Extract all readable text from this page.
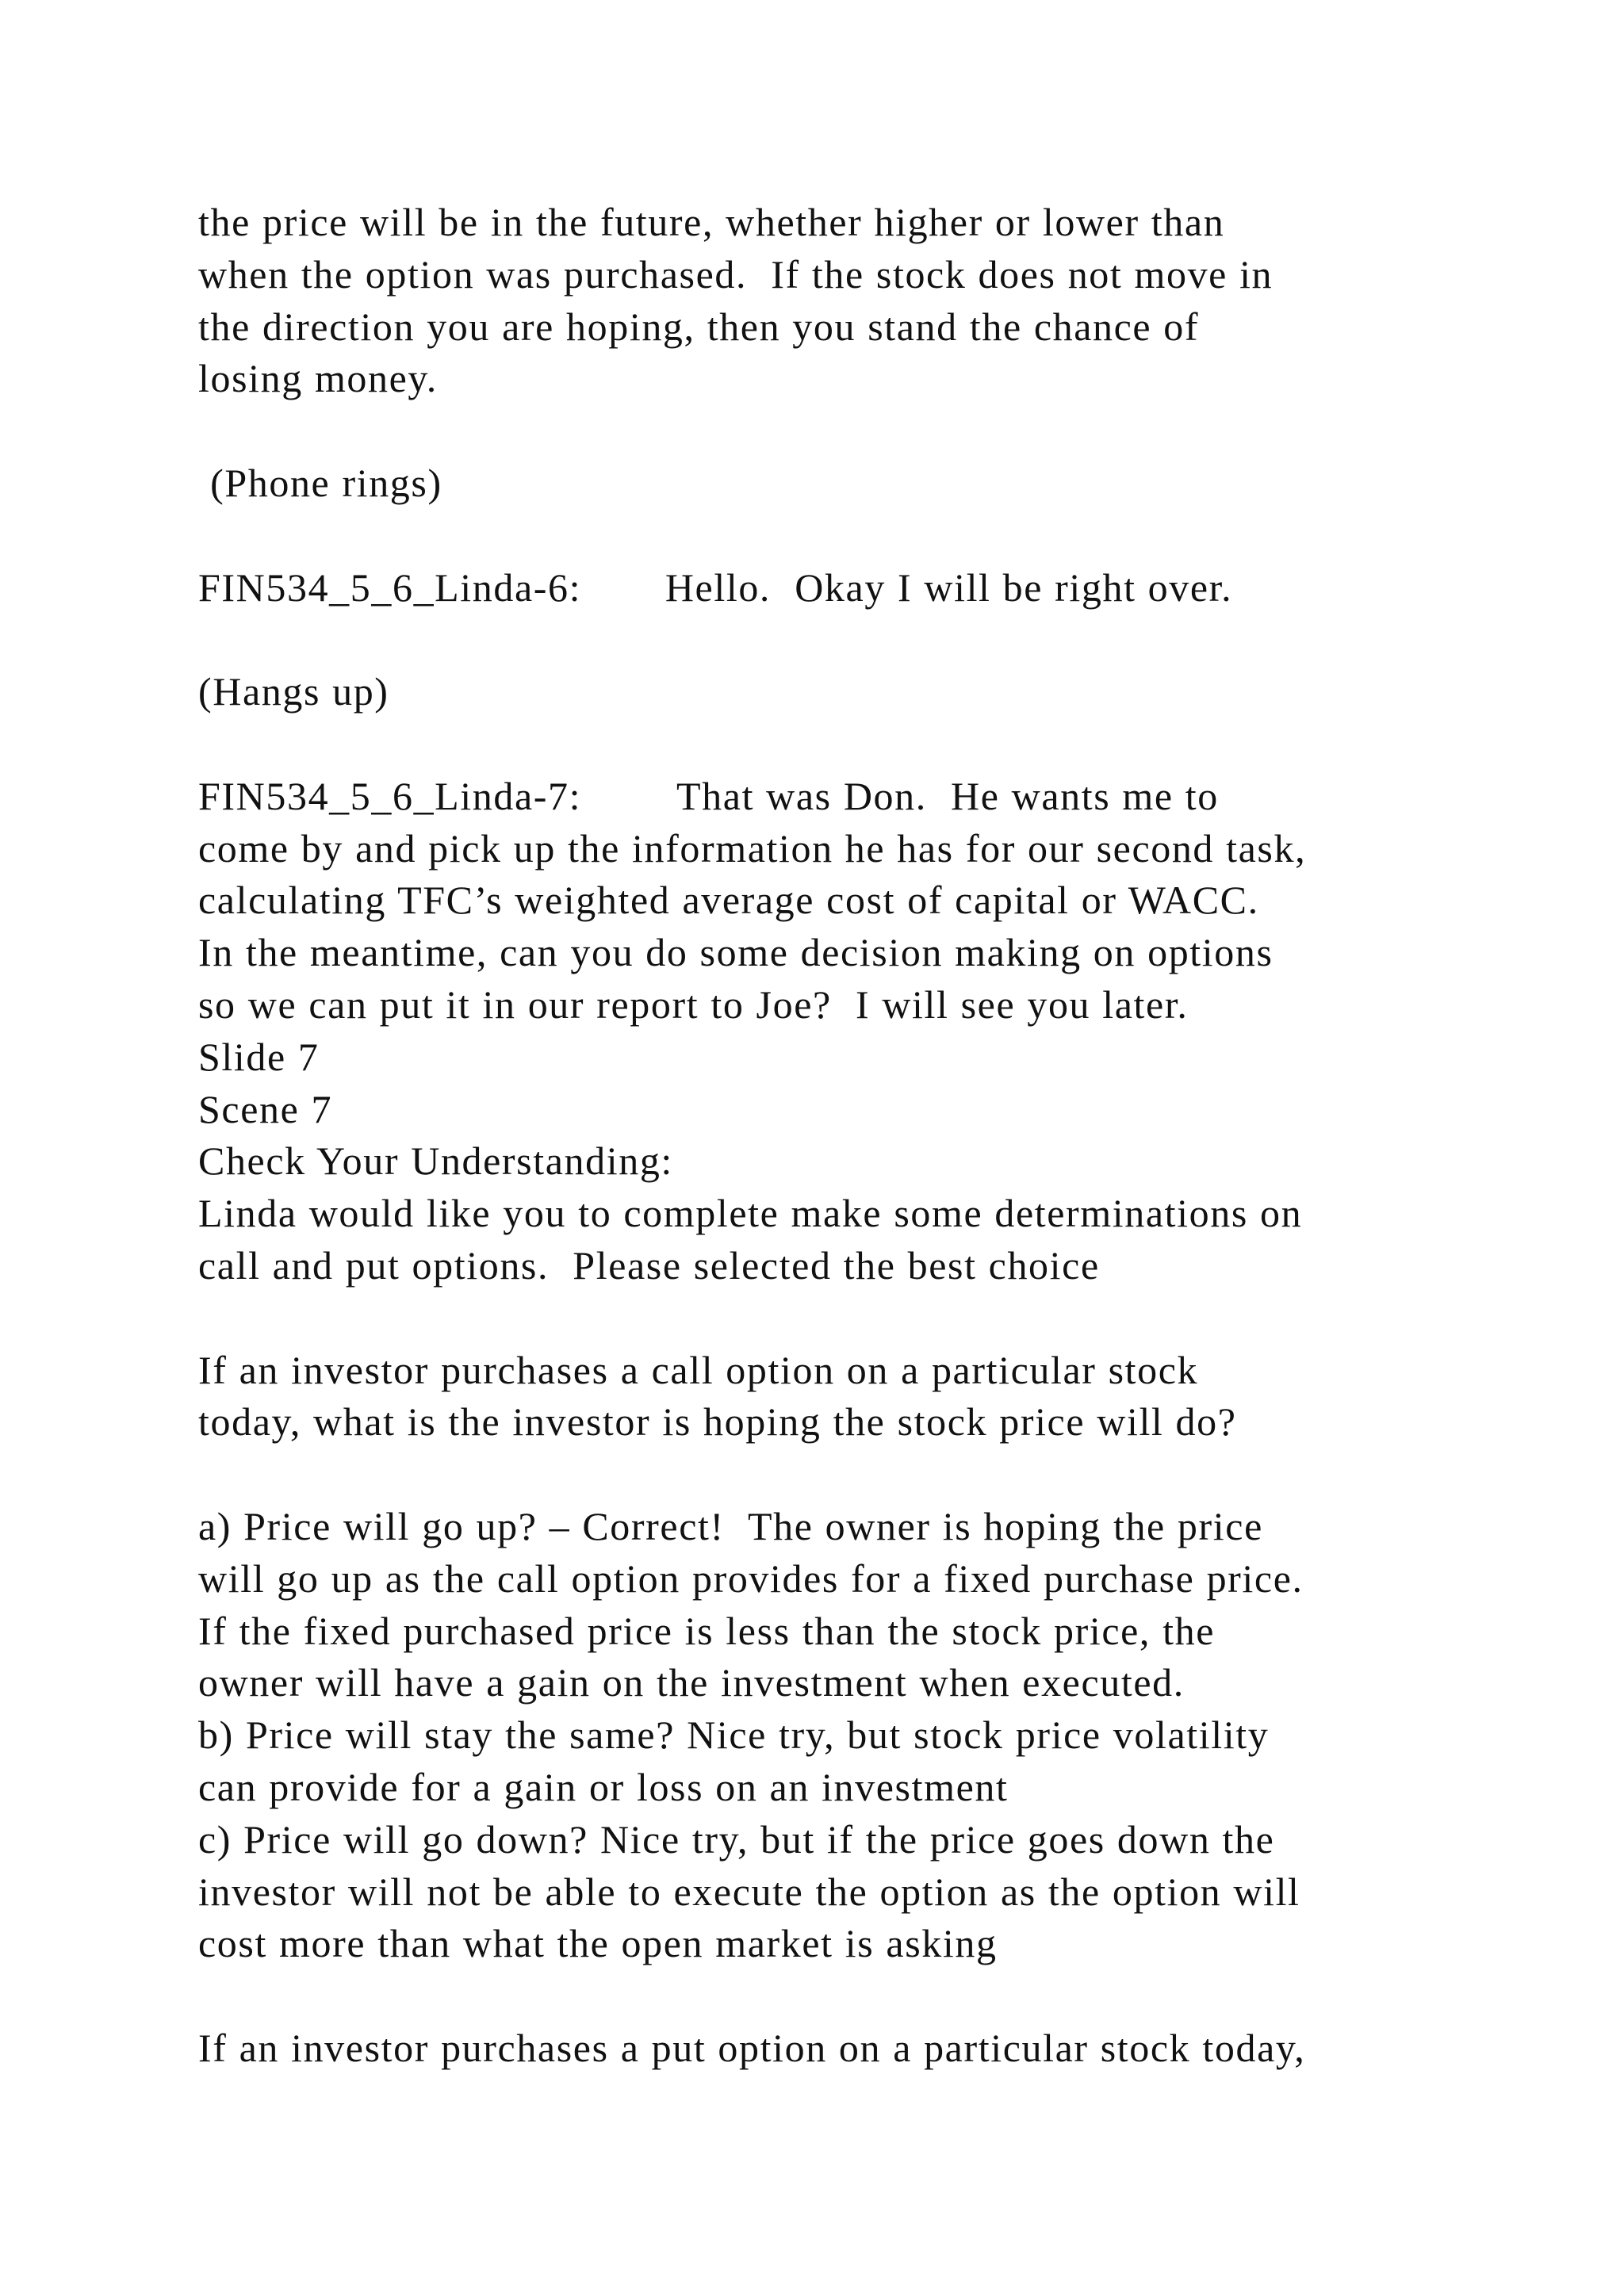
the price will be in the future, whether higher or lower than
when the option was purchased.  If the stock does not move in
the direction you are hoping, then you stand the chance of
losing money.
(Phone rings)
FIN534_5_6_Linda-6:       Hello.  Okay I will be right over.
(Hangs up)
FIN534_5_6_Linda-7:        That was Don.  He wants me to
come by and pick up the information he has for our second task,
calculating TFC’s weighted average cost of capital or WACC.
In the meantime, can you do some decision making on options
so we can put it in our report to Joe?  I will see you later.
Slide 7
Scene 7
Check Your Understanding:
Linda would like you to complete make some determinations on
call and put options.  Please selected the best choice
If an investor purchases a call option on a particular stock
today, what is the investor is hoping the stock price will do?
a) Price will go up? – Correct!  The owner is hoping the price
will go up as the call option provides for a fixed purchase price.
If the fixed purchased price is less than the stock price, the
owner will have a gain on the investment when executed.
b) Price will stay the same? Nice try, but stock price volatility
can provide for a gain or loss on an investment
c) Price will go down? Nice try, but if the price goes down the
investor will not be able to execute the option as the option will
cost more than what the open market is asking
If an investor purchases a put option on a particular stock today,
